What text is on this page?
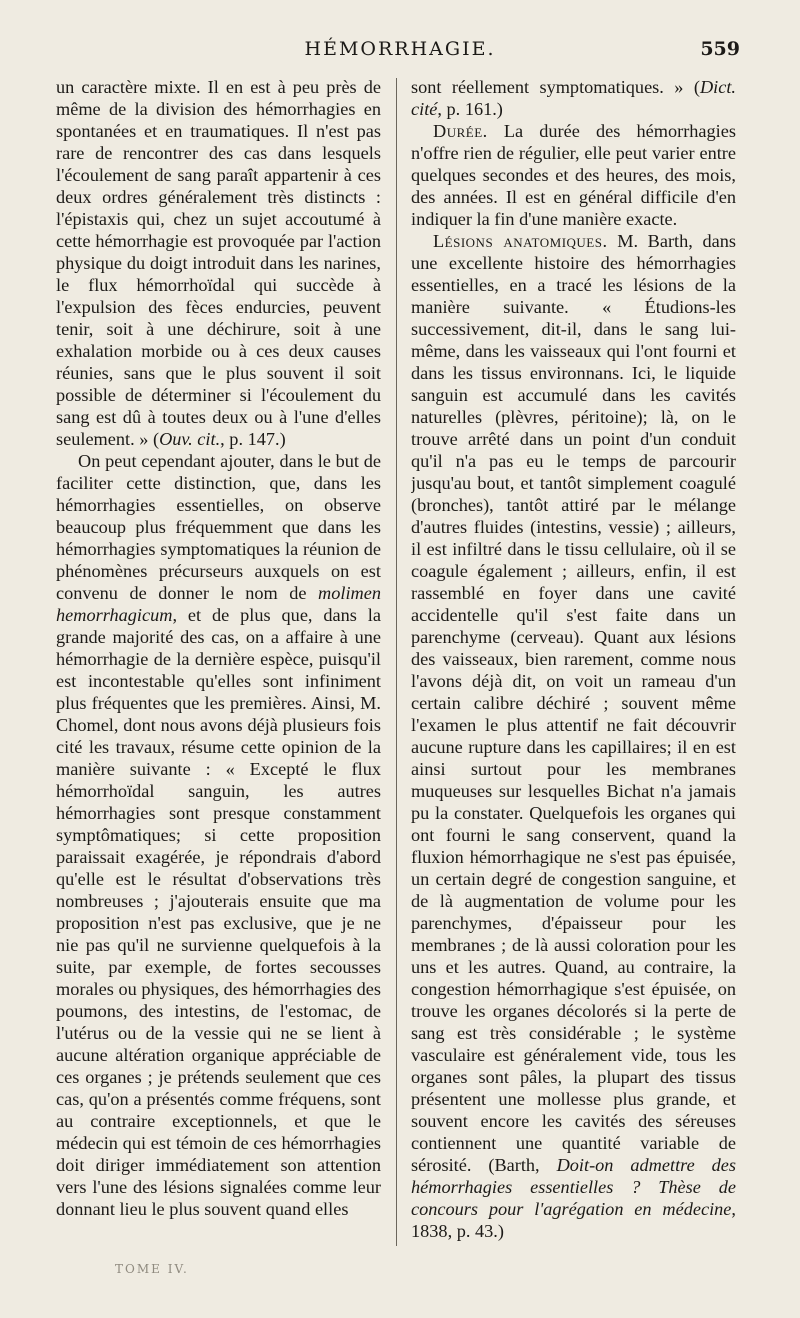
HÉMORRHAGIE.	559

un caractère mixte. Il en est à peu près de même de la division des hémorrhagies en spontanées et en traumatiques. Il n'est pas rare de rencontrer des cas dans lesquels l'écoulement de sang paraît appartenir à ces deux ordres généralement très distincts : l'épistaxis qui, chez un sujet accoutumé à cette hémorrhagie est provoquée par l'action physique du doigt introduit dans les narines, le flux hémorrhoïdal qui succède à l'expulsion des fèces endurcies, peuvent tenir, soit à une déchirure, soit à une exhalation morbide ou à ces deux causes réunies, sans que le plus souvent il soit possible de déterminer si l'écoulement du sang est dû à toutes deux ou à l'une d'elles seulement. » (Ouv. cit., p. 147.)

On peut cependant ajouter, dans le but de faciliter cette distinction, que, dans les hémorrhagies essentielles, on observe beaucoup plus fréquemment que dans les hémorrhagies symptomatiques la réunion de phénomènes précurseurs auxquels on est convenu de donner le nom de molimen hemorrhagicum, et de plus que, dans la grande majorité des cas, on a affaire à une hémorrhagie de la dernière espèce, puisqu'il est incontestable qu'elles sont infiniment plus fréquentes que les premières. Ainsi, M. Chomel, dont nous avons déjà plusieurs fois cité les travaux, résume cette opinion de la manière suivante : « Excepté le flux hémorrhoïdal sanguin, les autres hémorrhagies sont presque constamment symptômatiques; si cette proposition paraissait exagérée, je répondrais d'abord qu'elle est le résultat d'observations très nombreuses ; j'ajouterais ensuite que ma proposition n'est pas exclusive, que je ne nie pas qu'il ne survienne quelquefois à la suite, par exemple, de fortes secousses morales ou physiques, des hémorrhagies des poumons, des intestins, de l'estomac, de l'utérus ou de la vessie qui ne se lient à aucune altération organique appréciable de ces organes ; je prétends seulement que ces cas, qu'on a présentés comme fréquens, sont au contraire exceptionnels, et que le médecin qui est témoin de ces hémorrhagies doit diriger immédiatement son attention vers l'une des lésions signalées comme leur donnant lieu le plus souvent quand elles

sont réellement symptomatiques. » (Dict. cité, p. 161.)

Durée. La durée des hémorrhagies n'offre rien de régulier, elle peut varier entre quelques secondes et des heures, des mois, des années. Il est en général difficile d'en indiquer la fin d'une manière exacte.

Lésions anatomiques. M. Barth, dans une excellente histoire des hémorrhagies essentielles, en a tracé les lésions de la manière suivante. « Étudions-les successivement, dit-il, dans le sang lui-même, dans les vaisseaux qui l'ont fourni et dans les tissus environnans. Ici, le liquide sanguin est accumulé dans les cavités naturelles (plèvres, péritoine); là, on le trouve arrêté dans un point d'un conduit qu'il n'a pas eu le temps de parcourir jusqu'au bout, et tantôt simplement coagulé (bronches), tantôt attiré par le mélange d'autres fluides (intestins, vessie) ; ailleurs, il est infiltré dans le tissu cellulaire, où il se coagule également ; ailleurs, enfin, il est rassemblé en foyer dans une cavité accidentelle qu'il s'est faite dans un parenchyme (cerveau). Quant aux lésions des vaisseaux, bien rarement, comme nous l'avons déjà dit, on voit un rameau d'un certain calibre déchiré ; souvent même l'examen le plus attentif ne fait découvrir aucune rupture dans les capillaires; il en est ainsi surtout pour les membranes muqueuses sur lesquelles Bichat n'a jamais pu la constater. Quelquefois les organes qui ont fourni le sang conservent, quand la fluxion hémorrhagique ne s'est pas épuisée, un certain degré de congestion sanguine, et de là augmentation de volume pour les parenchymes, d'épaisseur pour les membranes ; de là aussi coloration pour les uns et les autres. Quand, au contraire, la congestion hémorrhagique s'est épuisée, on trouve les organes décolorés si la perte de sang est très considérable ; le système vasculaire est généralement vide, tous les organes sont pâles, la plupart des tissus présentent une mollesse plus grande, et souvent encore les cavités des séreuses contiennent une quantité variable de sérosité. (Barth, Doit-on admettre des hémorrhagies essentielles ? Thèse de concours pour l'agrégation en médecine, 1838, p. 43.)

TOME IV.
